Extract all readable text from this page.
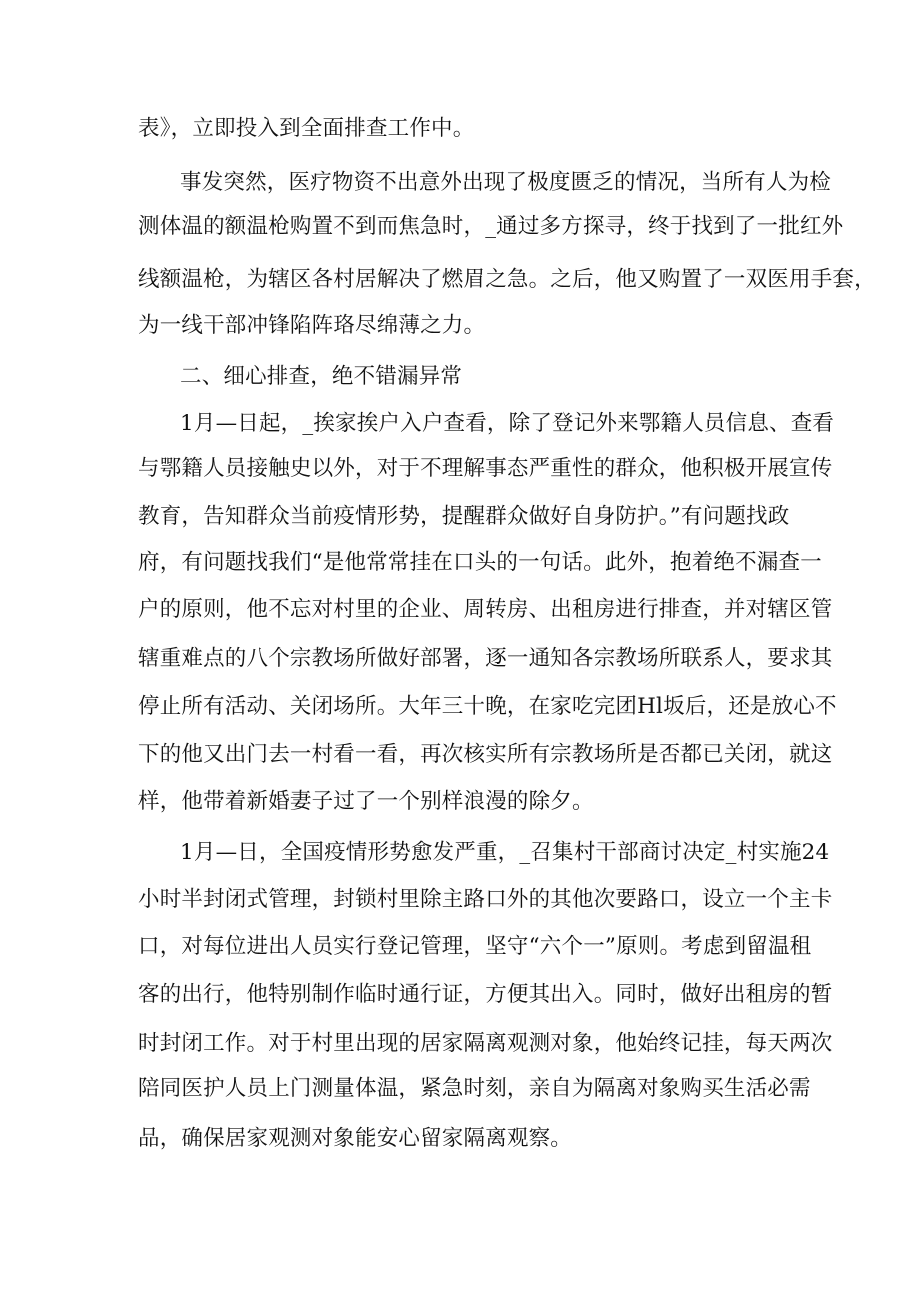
表》，立即投入到全面排查工作中。
事发突然，医疗物资不出意外出现了极度匮乏的情况，当所有人为检
测体温的额温枪购置不到而焦急时，_通过多方探寻，终于找到了一批红外
线额温枪，为辖区各村居解决了燃眉之急。之后，他又购置了一双医用手套，
为一线干部冲锋陷阵珞尽绵薄之力。
二、细心排查，绝不错漏异常
1月—日起，_挨家挨户入户查看，除了登记外来鄂籍人员信息、查看
与鄂籍人员接触史以外，对于不理解事态严重性的群众，他积极开展宣传
教育，告知群众当前疫情形势，提醒群众做好自身防护。”有问题找政
府，有问题找我们“是他常常挂在口头的一句话。此外，抱着绝不漏查一
户的原则，他不忘对村里的企业、周转房、出租房进行排查，并对辖区管
辖重难点的八个宗教场所做好部署，逐一通知各宗教场所联系人，要求其
停止所有活动、关闭场所。大年三十晚，在家吃完团Hl坂后，还是放心不
下的他又出门去一村看一看，再次核实所有宗教场所是否都已关闭，就这
样，他带着新婚妻子过了一个别样浪漫的除夕。
1月—日，全国疫情形势愈发严重，_召集村干部商讨决定_村实施24
小时半封闭式管理，封锁村里除主路口外的其他次要路口，设立一个主卡
口，对每位进出人员实行登记管理，坚守“六个一”原则。考虑到留温租
客的出行，他特别制作临时通行证，方便其出入。同时，做好出租房的暂
时封闭工作。对于村里出现的居家隔离观测对象，他始终记挂，每天两次
陪同医护人员上门测量体温，紧急时刻，亲自为隔离对象购买生活必需
品，确保居家观测对象能安心留家隔离观察。
